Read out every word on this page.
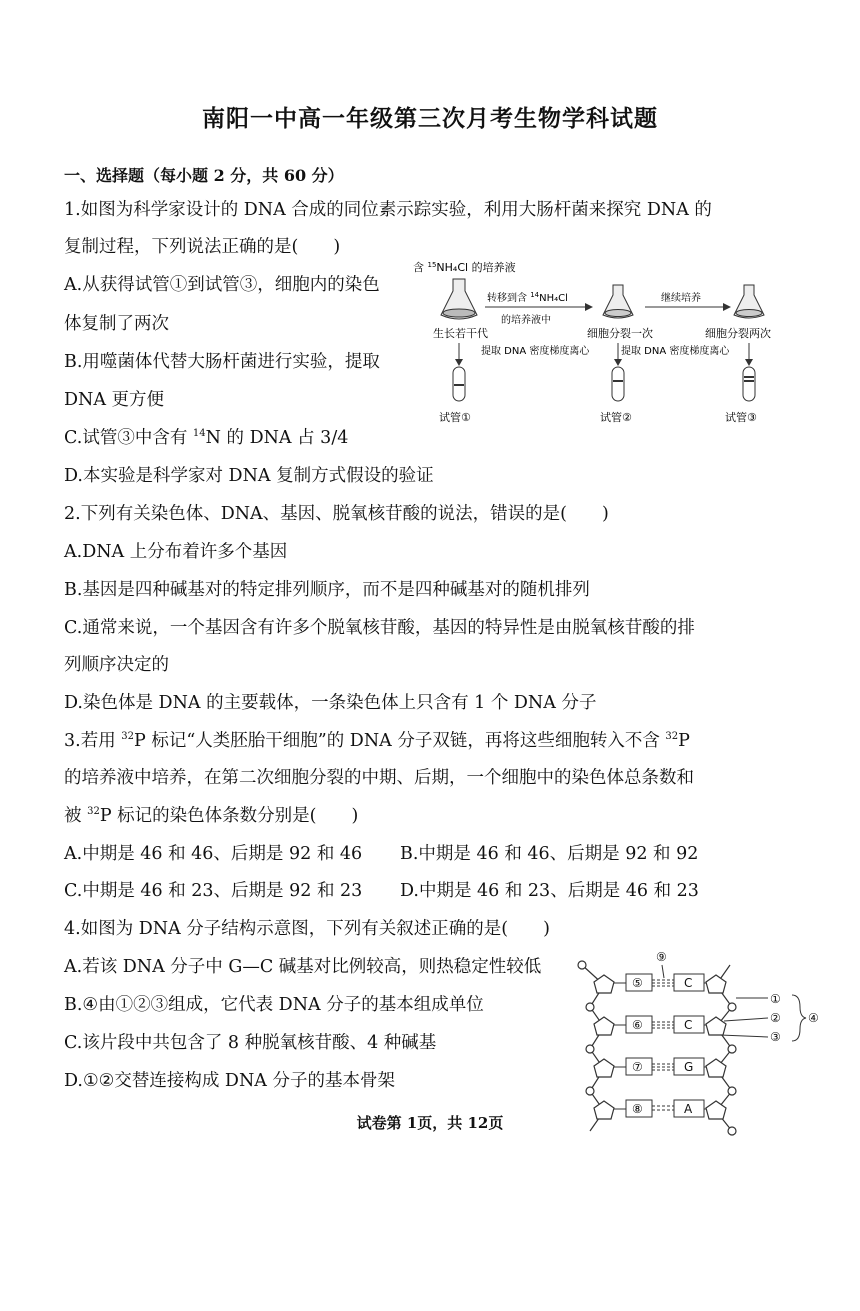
南阳一中高一年级第三次月考生物学科试题
一、选择题（每小题 2 分，共 60 分）
1.如图为科学家设计的 DNA 合成的同位素示踪实验，利用大肠杆菌来探究 DNA 的
复制过程，下列说法正确的是(　　)
A.从获得试管①到试管③，细胞内的染色
体复制了两次
B.用噬菌体代替大肠杆菌进行实验，提取
DNA 更方便
C.试管③中含有 $^{14}$N 的 DNA 占 3/4
D.本实验是科学家对 DNA 复制方式假设的验证
含 $^{15}$NH₄Cl 的培养液
生长若干代
转移到含 $^{14}$NH₄Cl
的培养液中
细胞分裂一次
继续培养
细胞分裂两次
提取 DNA 密度梯度离心	提取 DNA 密度梯度离心
试管①	试管②	试管③
2.下列有关染色体、DNA、基因、脱氧核苷酸的说法，错误的是(　　)
A.DNA 上分布着许多个基因
B.基因是四种碱基对的特定排列顺序，而不是四种碱基对的随机排列
C.通常来说，一个基因含有许多个脱氧核苷酸，基因的特异性是由脱氧核苷酸的排
列顺序决定的
D.染色体是 DNA 的主要载体，一条染色体上只含有 1 个 DNA 分子
3.若用 $^{32}$P 标记“人类胚胎干细胞”的 DNA 分子双链，再将这些细胞转入不含 $^{32}$P
的培养液中培养，在第二次细胞分裂的中期、后期，一个细胞中的染色体总条数和
被 $^{32}$P 标记的染色体条数分别是(　　)
A.中期是 46 和 46、后期是 92 和 46 B.中期是 46 和 46、后期是 92 和 92
C.中期是 46 和 23、后期是 92 和 23 D.中期是 46 和 23、后期是 46 和 23
4.如图为 DNA 分子结构示意图，下列有关叙述正确的是(　　)
A.若该 DNA 分子中 G—C 碱基对比例较高，则热稳定性较低
B.④由①②③组成，它代表 DNA 分子的基本组成单位
C.该片段中共包含了 8 种脱氧核苷酸、4 种碱基
D.①②交替连接构成 DNA 分子的基本骨架
⑤
⑥
⑦
⑧
C
C
G
A
⑨
①
②
③
④
试卷第 1页，共 12页
